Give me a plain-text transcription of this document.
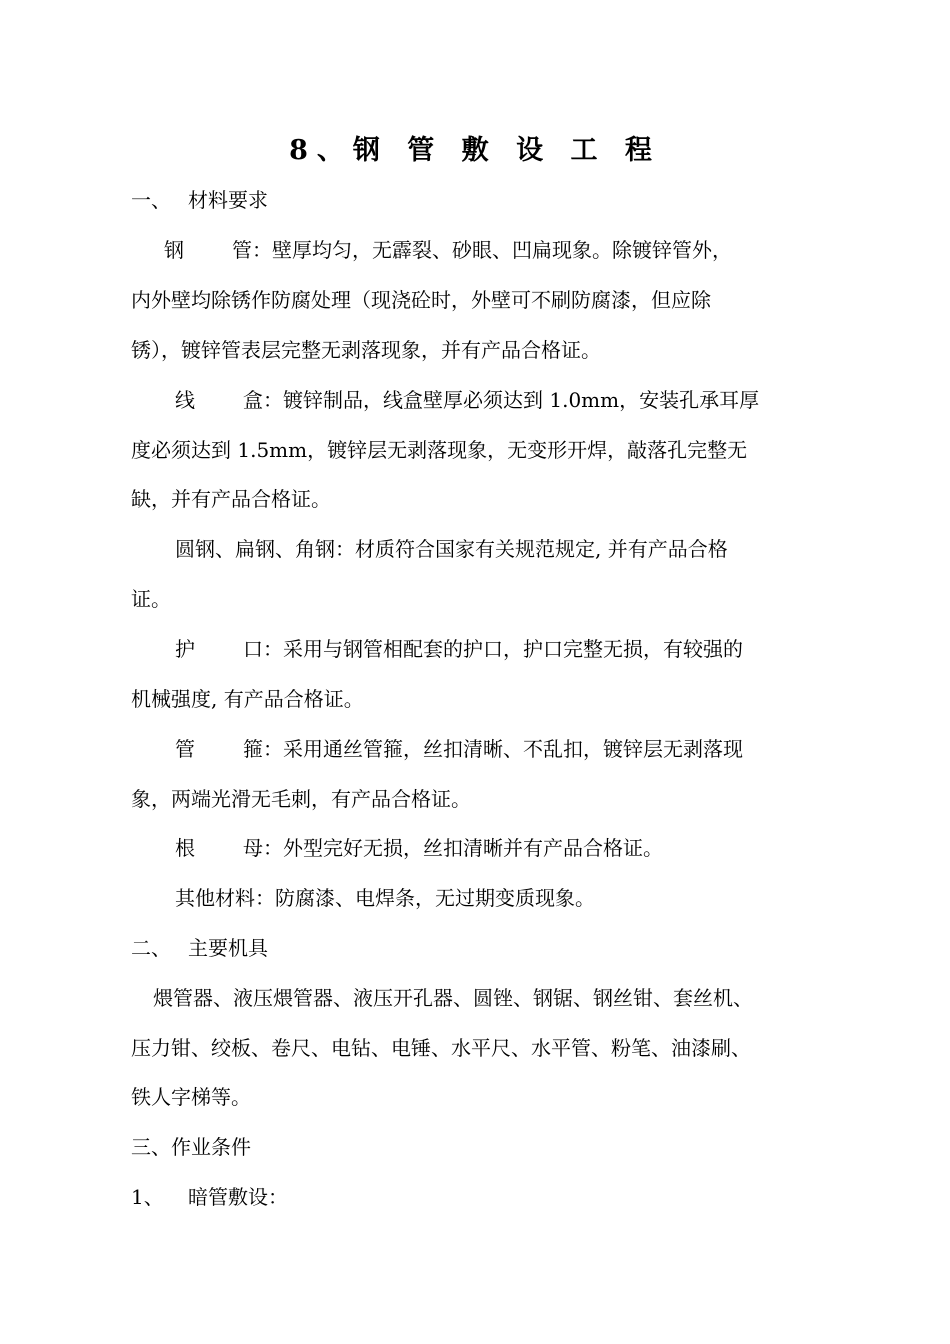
8、钢 管 敷 设 工 程
一、 材料要求
钢 管：壁厚均匀，无霹裂、砂眼、凹扁现象。除镀锌管外，
内外壁均除锈作防腐处理（现浇砼时，外壁可不刷防腐漆，但应除
锈），镀锌管表层完整无剥落现象，并有产品合格证。
线 盒：镀锌制品，线盒壁厚必须达到 1.0mm，安装孔承耳厚
度必须达到 1.5mm，镀锌层无剥落现象，无变形开焊，敲落孔完整无
缺，并有产品合格证。
圆钢、扁钢、角钢：材质符合国家有关规范规定, 并有产品合格
证。
护 口：采用与钢管相配套的护口，护口完整无损，有较强的
机械强度, 有产品合格证。
管 箍：采用通丝管箍，丝扣清晰、不乱扣，镀锌层无剥落现
象，两端光滑无毛刺，有产品合格证。
根 母：外型完好无损，丝扣清晰并有产品合格证。
其他材料：防腐漆、电焊条，无过期变质现象。
二、 主要机具
煨管器、液压煨管器、液压开孔器、圆锉、钢锯、钢丝钳、套丝机、
压力钳、绞板、卷尺、电钻、电锤、水平尺、水平管、粉笔、油漆刷、
铁人字梯等。
三、作业条件
1、 暗管敷设：
